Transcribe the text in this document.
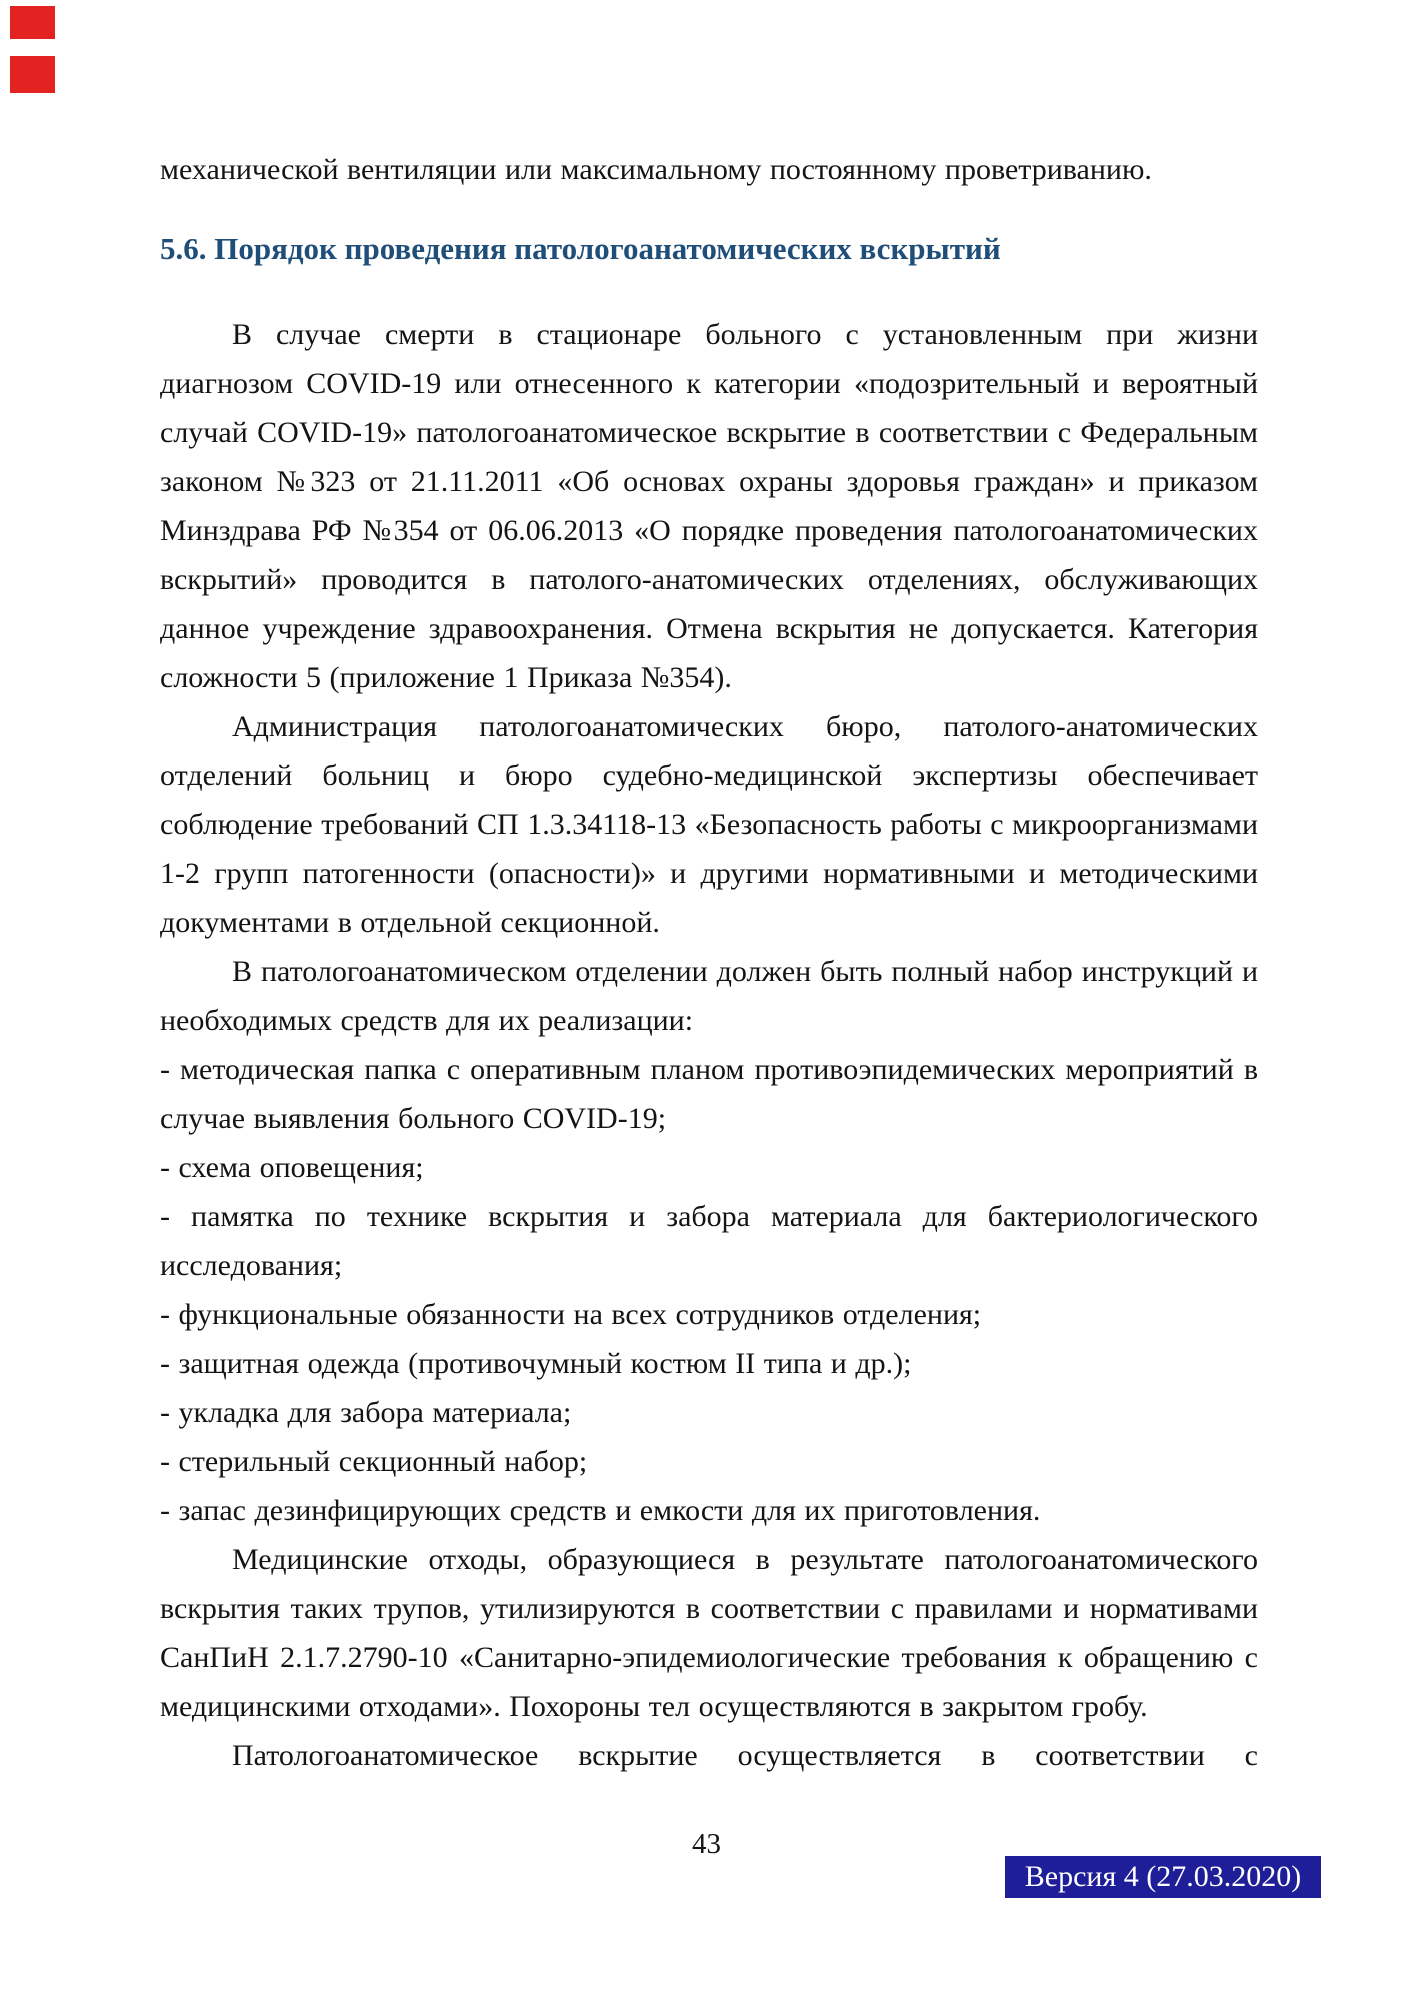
механической вентиляции или максимальному постоянному проветриванию.

5.6. Порядок проведения патологоанатомических вскрытий

В случае смерти в стационаре больного с установленным при жизни диагнозом COVID-19 или отнесенного к категории «подозрительный и вероятный случай COVID-19» патологоанатомическое вскрытие в соответствии с Федеральным законом №323 от 21.11.2011 «Об основах охраны здоровья граждан» и приказом Минздрава РФ №354 от 06.06.2013 «О порядке проведения патологоанатомических вскрытий» проводится в патолого-анатомических отделениях, обслуживающих данное учреждение здравоохранения. Отмена вскрытия не допускается. Категория сложности 5 (приложение 1 Приказа №354).

Администрация патологоанатомических бюро, патолого-анатомических отделений больниц и бюро судебно-медицинской экспертизы обеспечивает соблюдение требований СП 1.3.34118-13 «Безопасность работы с микроорганизмами 1-2 групп патогенности (опасности)» и другими нормативными и методическими документами в отдельной секционной.

В патологоанатомическом отделении должен быть полный набор инструкций и необходимых средств для их реализации:

- методическая папка с оперативным планом противоэпидемических мероприятий в случае выявления больного COVID-19;

- схема оповещения;

- памятка по технике вскрытия и забора материала для бактериологического исследования;

- функциональные обязанности на всех сотрудников отделения;

- защитная одежда (противочумный костюм II типа и др.);

- укладка для забора материала;

- стерильный секционный набор;

- запас дезинфицирующих средств и емкости для их приготовления.

Медицинские отходы, образующиеся в результате патологоанатомического вскрытия таких трупов, утилизируются в соответствии с правилами и нормативами СанПиН 2.1.7.2790-10 «Санитарно-эпидемиологические требования к обращению с медицинскими отходами». Похороны тел осуществляются в закрытом гробу.

Патологоанатомическое вскрытие осуществляется в соответствии с

43
Версия 4 (27.03.2020)
